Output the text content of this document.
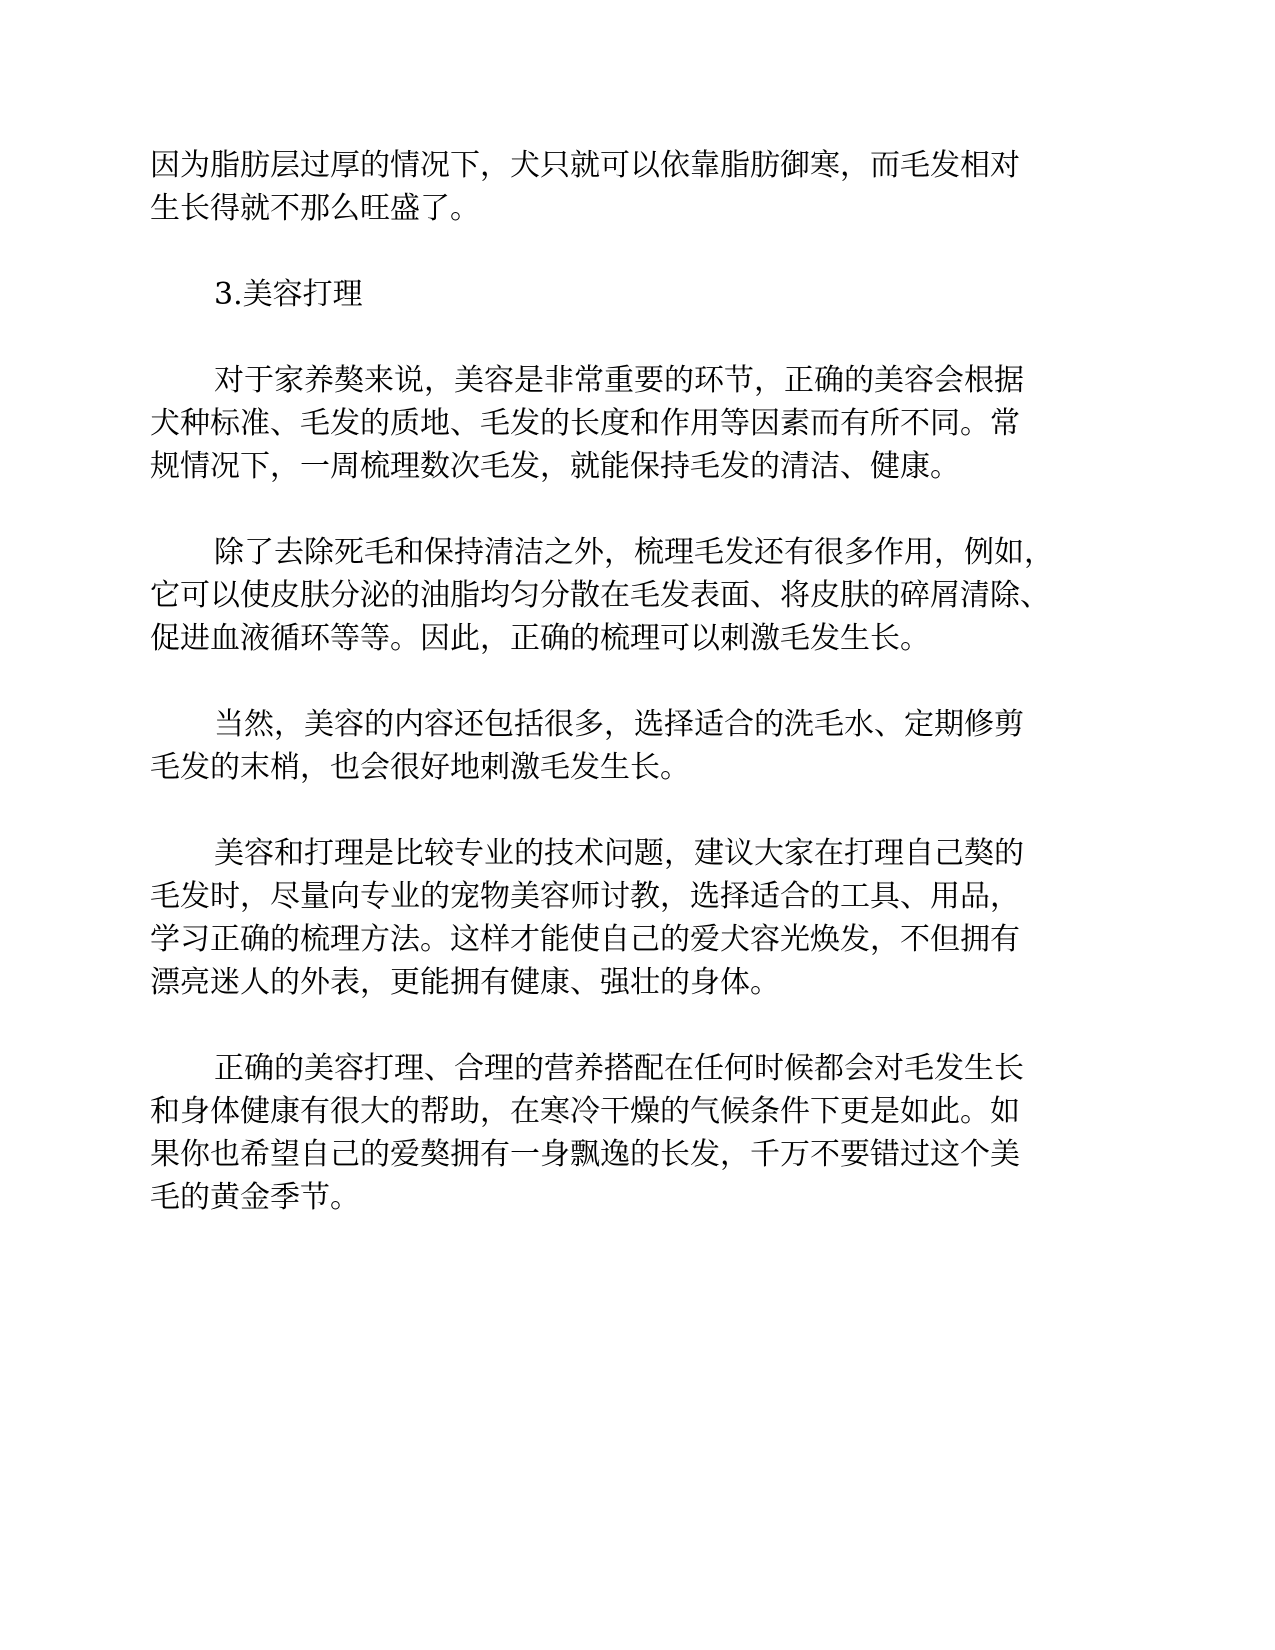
因为脂肪层过厚的情况下，犬只就可以依靠脂肪御寒，而毛发相对
生长得就不那么旺盛了。

3.美容打理

对于家养獒来说，美容是非常重要的环节，正确的美容会根据
犬种标准、毛发的质地、毛发的长度和作用等因素而有所不同。常
规情况下，一周梳理数次毛发，就能保持毛发的清洁、健康。

除了去除死毛和保持清洁之外，梳理毛发还有很多作用，例如，
它可以使皮肤分泌的油脂均匀分散在毛发表面、将皮肤的碎屑清除、
促进血液循环等等。因此，正确的梳理可以刺激毛发生长。

当然，美容的内容还包括很多，选择适合的洗毛水、定期修剪
毛发的末梢，也会很好地刺激毛发生长。

美容和打理是比较专业的技术问题，建议大家在打理自己獒的
毛发时，尽量向专业的宠物美容师讨教，选择适合的工具、用品，
学习正确的梳理方法。这样才能使自己的爱犬容光焕发，不但拥有
漂亮迷人的外表，更能拥有健康、强壮的身体。

正确的美容打理、合理的营养搭配在任何时候都会对毛发生长
和身体健康有很大的帮助，在寒冷干燥的气候条件下更是如此。如
果你也希望自己的爱獒拥有一身飘逸的长发，千万不要错过这个美
毛的黄金季节。
